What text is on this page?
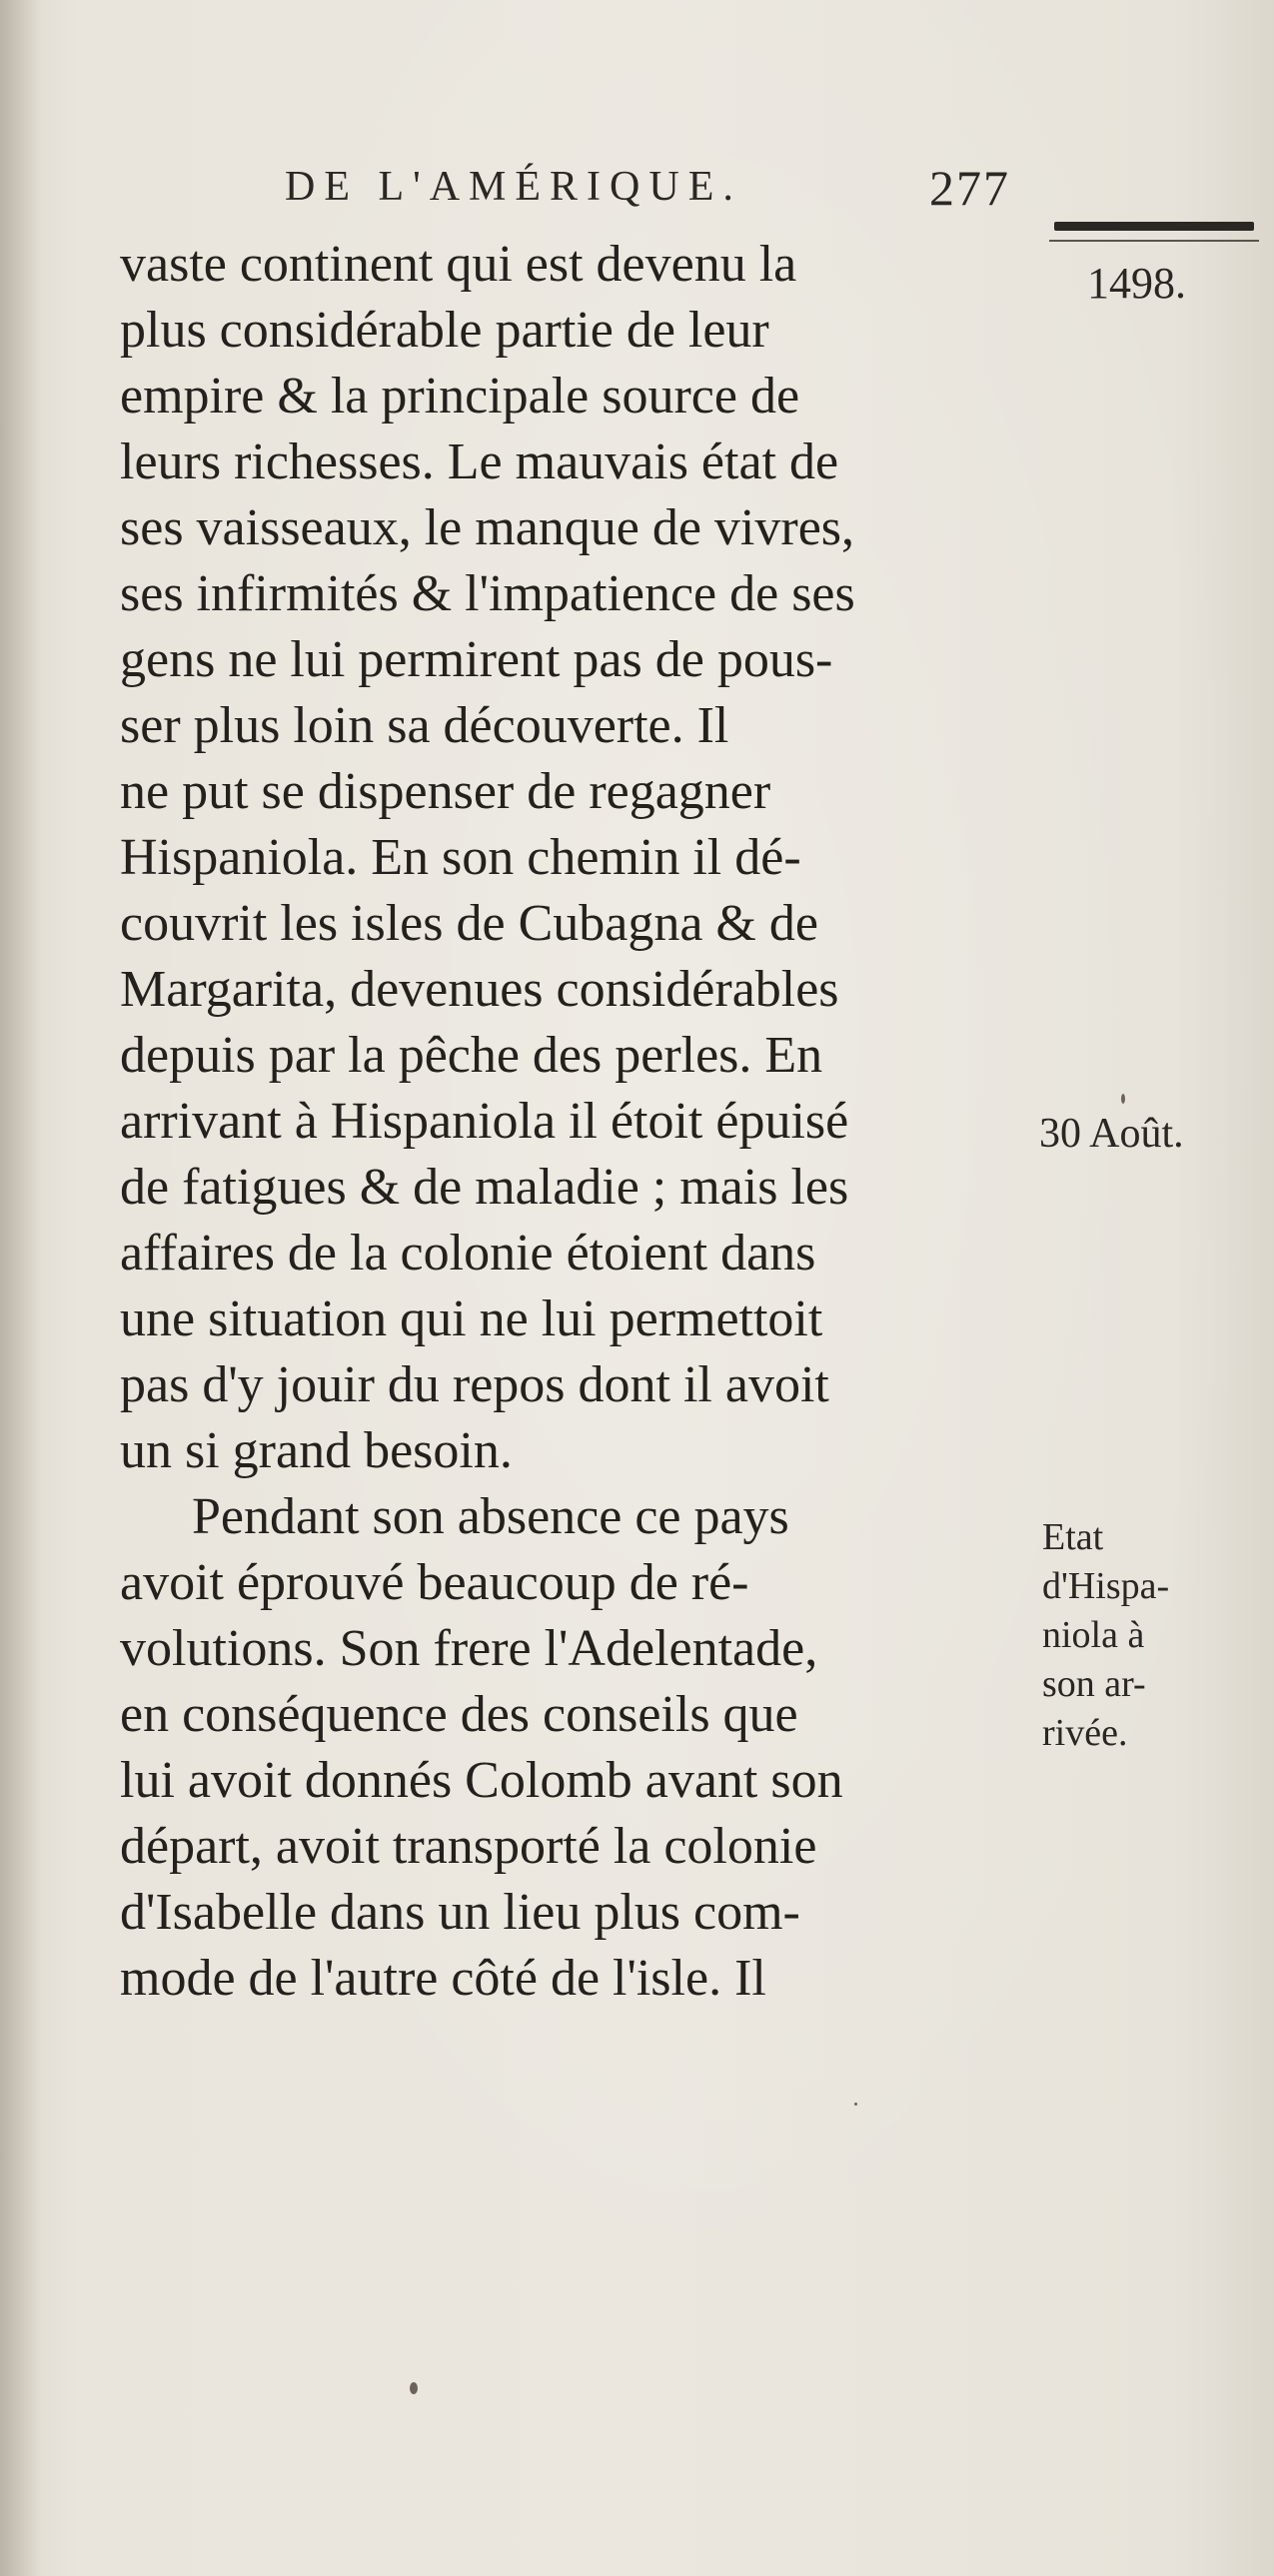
DE L'AMÉRIQUE.	277
1498.
30 Août.
Etat
d'Hispa-
niola à
son ar-
rivée.
vaste continent qui est devenu la
plus considérable partie de leur
empire & la principale source de
leurs richesses. Le mauvais état de
ses vaisseaux, le manque de vivres,
ses infirmités & l'impatience de ses
gens ne lui permirent pas de pous-
ser plus loin sa découverte. Il
ne put se dispenser de regagner
Hispaniola. En son chemin il dé-
couvrit les isles de Cubagna & de
Margarita, devenues considérables
depuis par la pêche des perles. En
arrivant à Hispaniola il étoit épuisé
de fatigues & de maladie ; mais les
affaires de la colonie étoient dans
une situation qui ne lui permettoit
pas d'y jouir du repos dont il avoit
un si grand besoin.
Pendant son absence ce pays
avoit éprouvé beaucoup de ré-
volutions. Son frere l'Adelentade,
en conséquence des conseils que
lui avoit donnés Colomb avant son
départ, avoit transporté la colonie
d'Isabelle dans un lieu plus com-
mode de l'autre côté de l'isle. Il
